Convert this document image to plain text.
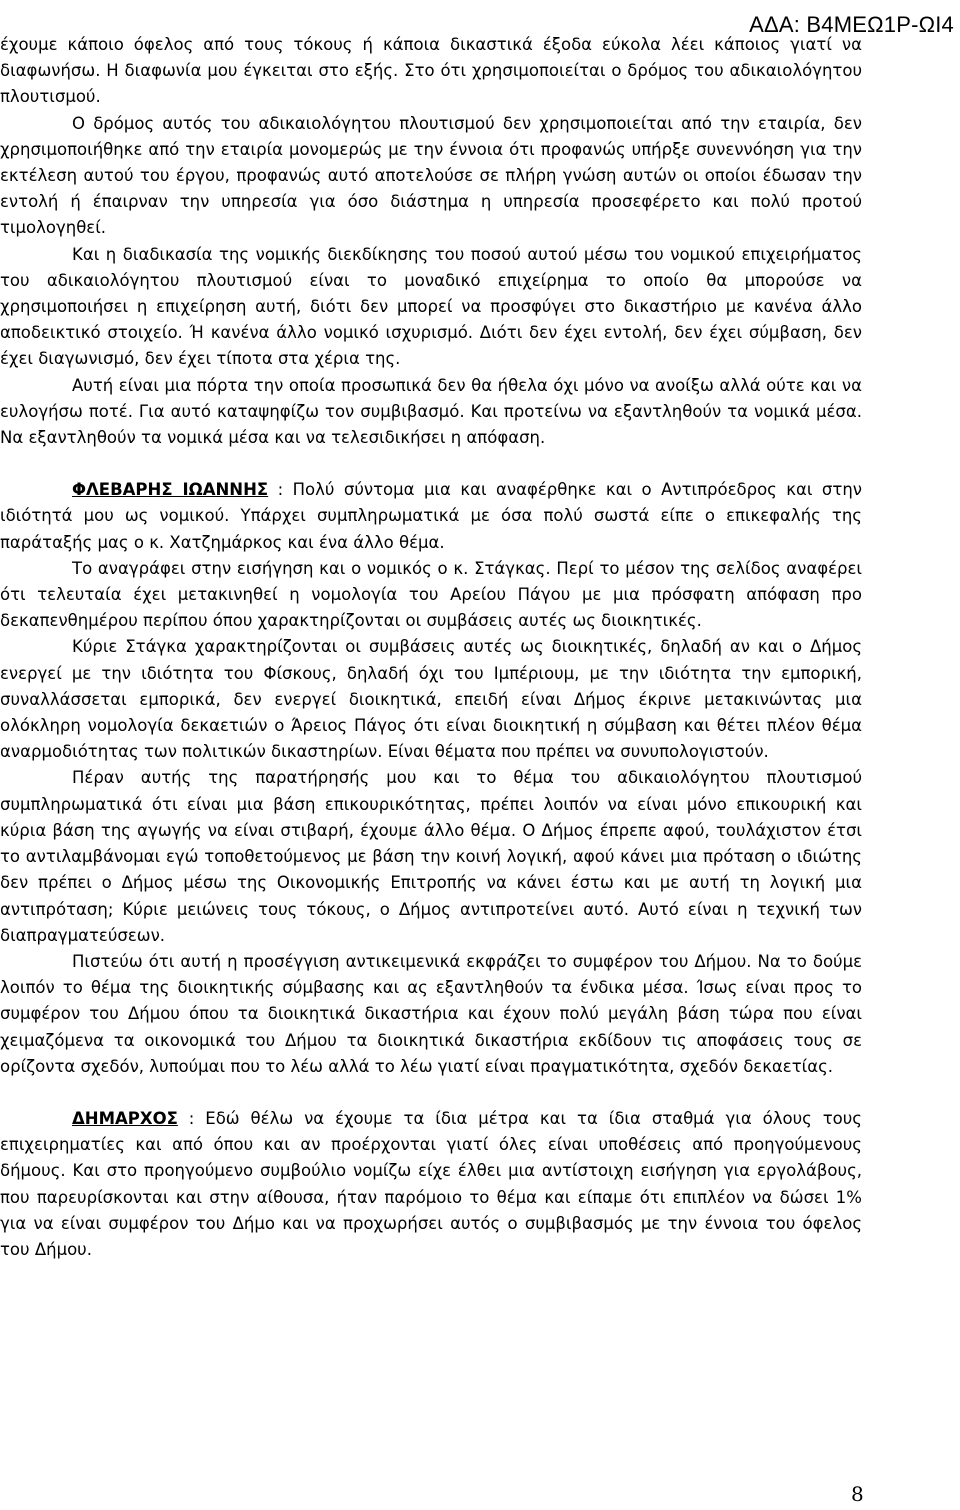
ΑΔΑ: Β4ΜΕΩ1Ρ-ΩΙ4

έχουμε κάποιο όφελος από τους τόκους ή κάποια δικαστικά έξοδα εύκολα λέει κάποιος γιατί να διαφωνήσω. Η διαφωνία μου έγκειται στο εξής. Στο ότι χρησιμοποιείται ο δρόμος του αδικαιολόγητου πλουτισμού.

Ο δρόμος αυτός του αδικαιολόγητου πλουτισμού δεν χρησιμοποιείται από την εταιρία, δεν χρησιμοποιήθηκε από την εταιρία μονομερώς με την έννοια ότι προφανώς υπήρξε συνεννόηση για την εκτέλεση αυτού του έργου, προφανώς αυτό αποτελούσε σε πλήρη γνώση αυτών οι οποίοι έδωσαν την εντολή ή έπαιρναν την υπηρεσία για όσο διάστημα η υπηρεσία προσεφέρετο και πολύ προτού τιμολογηθεί.

Και η διαδικασία της νομικής διεκδίκησης του ποσού αυτού μέσω του νομικού επιχειρήματος του αδικαιολόγητου πλουτισμού είναι το μοναδικό επιχείρημα το οποίο θα μπορούσε να χρησιμοποιήσει η επιχείρηση αυτή, διότι δεν μπορεί να προσφύγει στο δικαστήριο με κανένα άλλο αποδεικτικό στοιχείο. Ή κανένα άλλο νομικό ισχυρισμό. Διότι δεν έχει εντολή, δεν έχει σύμβαση, δεν έχει διαγωνισμό, δεν έχει τίποτα στα χέρια της.

Αυτή είναι μια πόρτα την οποία προσωπικά δεν θα ήθελα όχι μόνο να ανοίξω αλλά ούτε και να ευλογήσω ποτέ. Για αυτό καταψηφίζω τον συμβιβασμό. Και προτείνω να εξαντληθούν τα νομικά μέσα. Να εξαντληθούν τα νομικά μέσα και να τελεσιδικήσει η απόφαση.

ΦΛΕΒΑΡΗΣ ΙΩΑΝΝΗΣ : Πολύ σύντομα μια και αναφέρθηκε και ο Αντιπρόεδρος και στην ιδιότητά μου ως νομικού. Υπάρχει συμπληρωματικά με όσα πολύ σωστά είπε ο επικεφαλής της παράταξής μας ο κ. Χατζημάρκος και ένα άλλο θέμα.

Το αναγράφει στην εισήγηση και ο νομικός ο κ. Στάγκας. Περί το μέσον της σελίδος αναφέρει ότι τελευταία έχει μετακινηθεί η νομολογία του Αρείου Πάγου με μια πρόσφατη απόφαση προ δεκαπενθημέρου περίπου όπου χαρακτηρίζονται οι συμβάσεις αυτές ως διοικητικές.

Κύριε Στάγκα χαρακτηρίζονται οι συμβάσεις αυτές ως διοικητικές, δηλαδή αν και ο Δήμος ενεργεί με την ιδιότητα του Φίσκους, δηλαδή όχι του Ιμπέριουμ, με την ιδιότητα την εμπορική, συναλλάσσεται εμπορικά, δεν ενεργεί διοικητικά, επειδή είναι Δήμος έκρινε μετακινώντας μια ολόκληρη νομολογία δεκαετιών ο Άρειος Πάγος ότι είναι διοικητική η σύμβαση και θέτει πλέον θέμα αναρμοδιότητας των πολιτικών δικαστηρίων. Είναι θέματα που πρέπει να συνυπολογιστούν.

Πέραν αυτής της παρατήρησής μου και το θέμα του αδικαιολόγητου πλουτισμού συμπληρωματικά ότι είναι μια βάση επικουρικότητας, πρέπει λοιπόν να είναι μόνο επικουρική και κύρια βάση της αγωγής να είναι στιβαρή, έχουμε άλλο θέμα. Ο Δήμος έπρεπε αφού, τουλάχιστον έτσι το αντιλαμβάνομαι εγώ τοποθετούμενος με βάση την κοινή λογική, αφού κάνει μια πρόταση ο ιδιώτης δεν πρέπει ο Δήμος μέσω της Οικονομικής Επιτροπής να κάνει έστω και με αυτή τη λογική μια αντιπρόταση; Κύριε μειώνεις τους τόκους, ο Δήμος αντιπροτείνει αυτό. Αυτό είναι η τεχνική των διαπραγματεύσεων.

Πιστεύω ότι αυτή η προσέγγιση αντικειμενικά εκφράζει το συμφέρον του Δήμου. Να το δούμε λοιπόν το θέμα της διοικητικής σύμβασης και ας εξαντληθούν τα ένδικα μέσα. Ίσως είναι προς το συμφέρον του Δήμου όπου τα διοικητικά δικαστήρια και έχουν πολύ μεγάλη βάση τώρα που είναι χειμαζόμενα τα οικονομικά του Δήμου τα διοικητικά δικαστήρια εκδίδουν τις αποφάσεις τους σε ορίζοντα σχεδόν, λυπούμαι που το λέω αλλά το λέω γιατί είναι πραγματικότητα, σχεδόν δεκαετίας.

ΔΗΜΑΡΧΟΣ : Εδώ θέλω να έχουμε τα ίδια μέτρα και τα ίδια σταθμά για όλους τους επιχειρηματίες και από όπου και αν προέρχονται γιατί όλες είναι υποθέσεις από προηγούμενους δήμους. Και στο προηγούμενο συμβούλιο νομίζω είχε έλθει μια αντίστοιχη εισήγηση για εργολάβους, που παρευρίσκονται και στην αίθουσα, ήταν παρόμοιο το θέμα και είπαμε ότι επιπλέον να δώσει 1% για να είναι συμφέρον του Δήμο και να προχωρήσει αυτός ο συμβιβασμός με την έννοια του όφελος του Δήμου.

8
